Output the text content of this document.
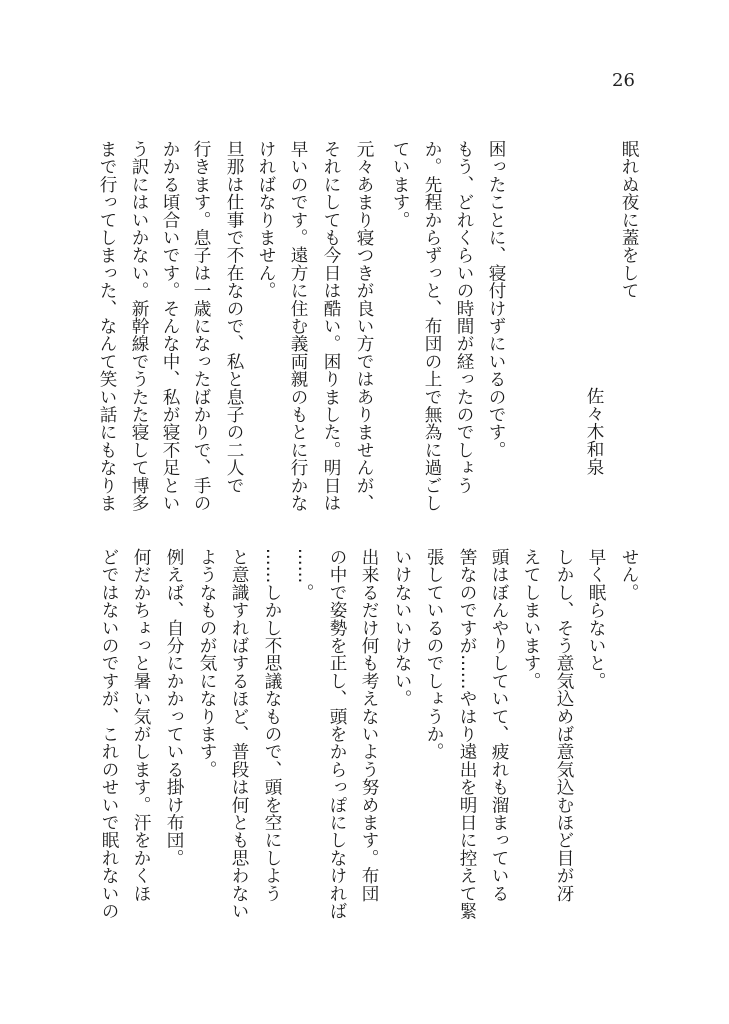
26
眠れぬ夜に蓋をして
佐々木和泉
困ったことに、寝付けずにいるのです。
もう、どれくらいの時間が経ったのでしょう
か。先程からずっと、布団の上で無為に過ごし
ています。
元々あまり寝つきが良い方ではありませんが、
それにしても今日は酷い。困りました。明日は
早いのです。遠方に住む義両親のもとに行かな
ければなりません。
旦那は仕事で不在なので、私と息子の二人で
行きます。息子は一歳になったばかりで、手の
かかる頃合いです。そんな中、私が寝不足とい
う訳にはいかない。新幹線でうたた寝して博多
まで行ってしまった、なんて笑い話にもなりま
せん。
早く眠らないと。
しかし、そう意気込めば意気込むほど目が冴
えてしまいます。
頭はぼんやりしていて、疲れも溜まっている
筈なのですが……やはり遠出を明日に控えて緊
張しているのでしょうか。
いけないいけない。
出来るだけ何も考えないよう努めます。布団
の中で姿勢を正し、頭をからっぽにしなければ
……。
……しかし不思議なもので、頭を空にしよう
と意識すればするほど、普段は何とも思わない
ようなものが気になります。
例えば、自分にかかっている掛け布団。
何だかちょっと暑い気がします。汗をかくほ
どではないのですが、これのせいで眠れないの
